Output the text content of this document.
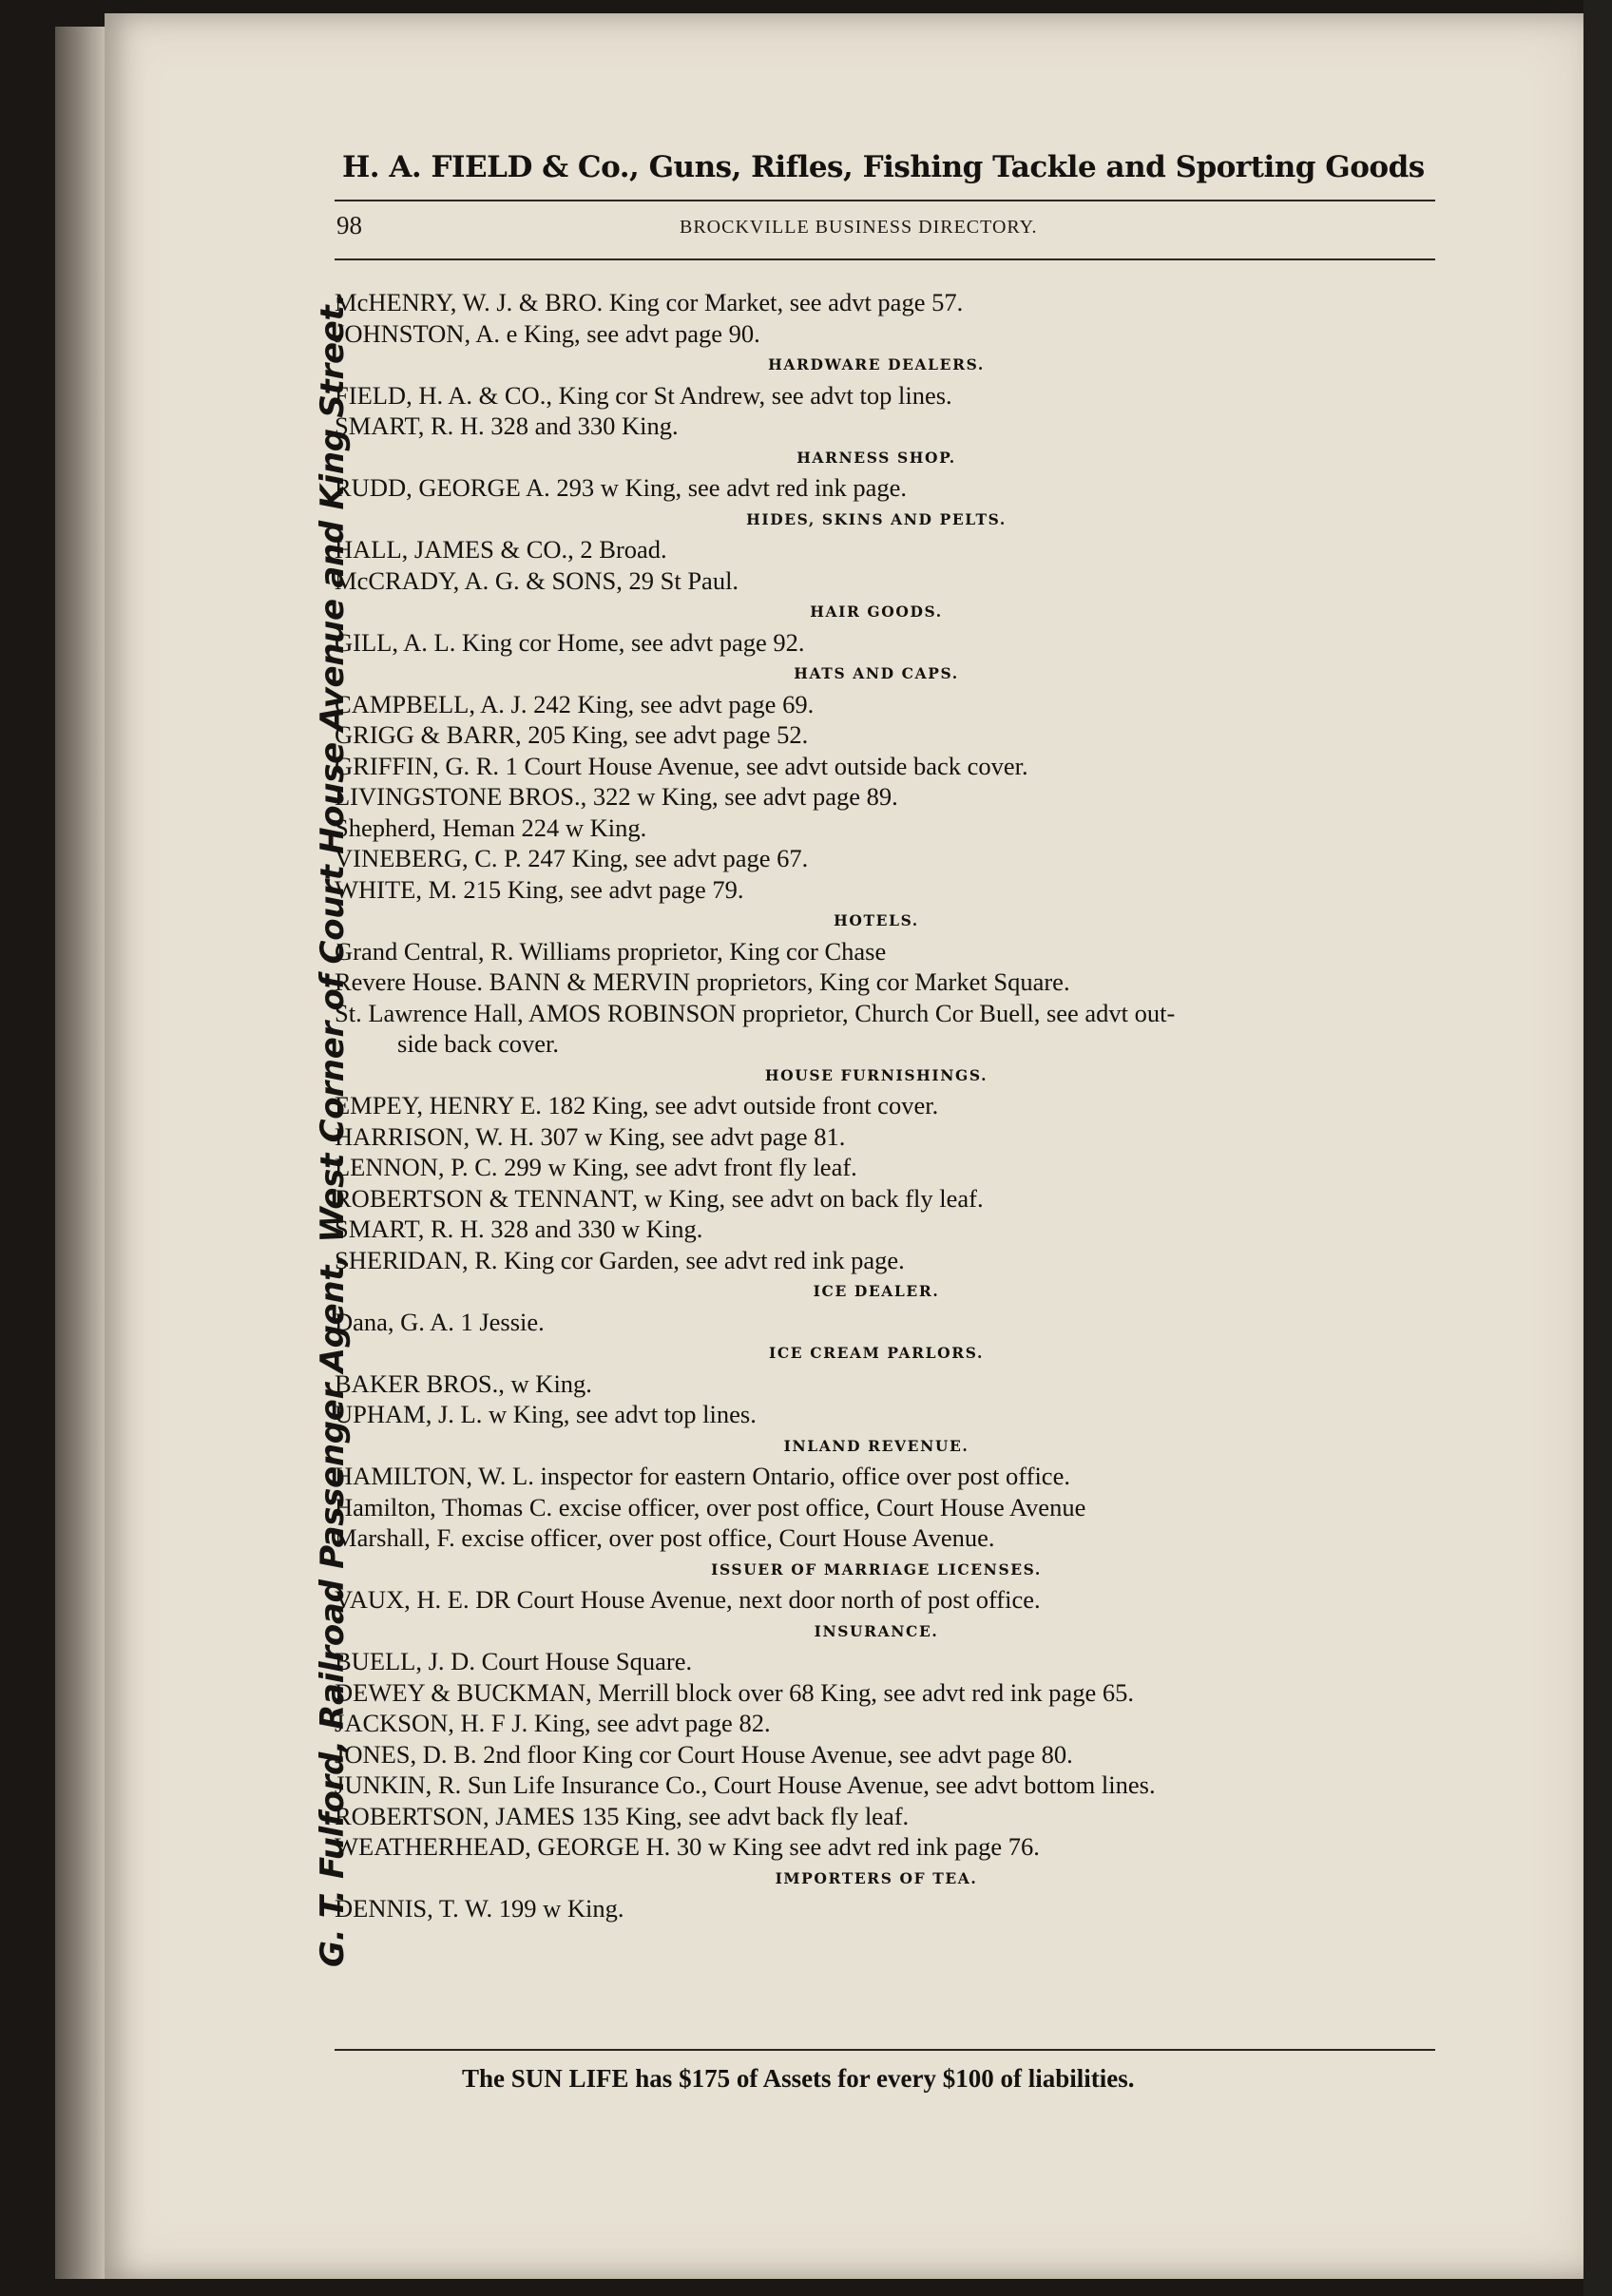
H. A. FIELD & Co., Guns, Rifles, Fishing Tackle and Sporting Goods
98	BROCKVILLE BUSINESS DIRECTORY.
G. T. Fulford, Railroad Passenger Agent, West Corner of Court House Avenue and King Street.
McHENRY, W. J. & BRO. King cor Market, see advt page 57.
JOHNSTON, A. e King, see advt page 90.
HARDWARE DEALERS.
FIELD, H. A. & CO., King cor St Andrew, see advt top lines.
SMART, R. H. 328 and 330 King.
HARNESS SHOP.
RUDD, GEORGE A. 293 w King, see advt red ink page.
HIDES, SKINS AND PELTS.
HALL, JAMES & CO., 2 Broad.
McCRADY, A. G. & SONS, 29 St Paul.
HAIR GOODS.
GILL, A. L. King cor Home, see advt page 92.
HATS AND CAPS.
CAMPBELL, A. J. 242 King, see advt page 69.
GRIGG & BARR, 205 King, see advt page 52.
GRIFFIN, G. R. 1 Court House Avenue, see advt outside back cover.
LIVINGSTONE BROS., 322 w King, see advt page 89.
Shepherd, Heman 224 w King.
VINEBERG, C. P. 247 King, see advt page 67.
WHITE, M. 215 King, see advt page 79.
HOTELS.
Grand Central, R. Williams proprietor, King cor Chase
Revere House. BANN & MERVIN proprietors, King cor Market Square.
St. Lawrence Hall, AMOS ROBINSON proprietor, Church Cor Buell, see advt out-
side back cover.
HOUSE FURNISHINGS.
EMPEY, HENRY E. 182 King, see advt outside front cover.
HARRISON, W. H. 307 w King, see advt page 81.
LENNON, P. C. 299 w King, see advt front fly leaf.
ROBERTSON & TENNANT, w King, see advt on back fly leaf.
SMART, R. H. 328 and 330 w King.
SHERIDAN, R. King cor Garden, see advt red ink page.
ICE DEALER.
Dana, G. A. 1 Jessie.
ICE CREAM PARLORS.
BAKER BROS., w King.
UPHAM, J. L. w King, see advt top lines.
INLAND REVENUE.
HAMILTON, W. L. inspector for eastern Ontario, office over post office.
Hamilton, Thomas C. excise officer, over post office, Court House Avenue
Marshall, F. excise officer, over post office, Court House Avenue.
ISSUER OF MARRIAGE LICENSES.
VAUX, H. E. DR Court House Avenue, next door north of post office.
INSURANCE.
BUELL, J. D. Court House Square.
DEWEY & BUCKMAN, Merrill block over 68 King, see advt red ink page 65.
JACKSON, H. F J. King, see advt page 82.
JONES, D. B. 2nd floor King cor Court House Avenue, see advt page 80.
JUNKIN, R. Sun Life Insurance Co., Court House Avenue, see advt bottom lines.
ROBERTSON, JAMES 135 King, see advt back fly leaf.
WEATHERHEAD, GEORGE H. 30 w King see advt red ink page 76.
IMPORTERS OF TEA.
DENNIS, T. W. 199 w King.
The SUN LIFE has $175 of Assets for every $100 of liabilities.
